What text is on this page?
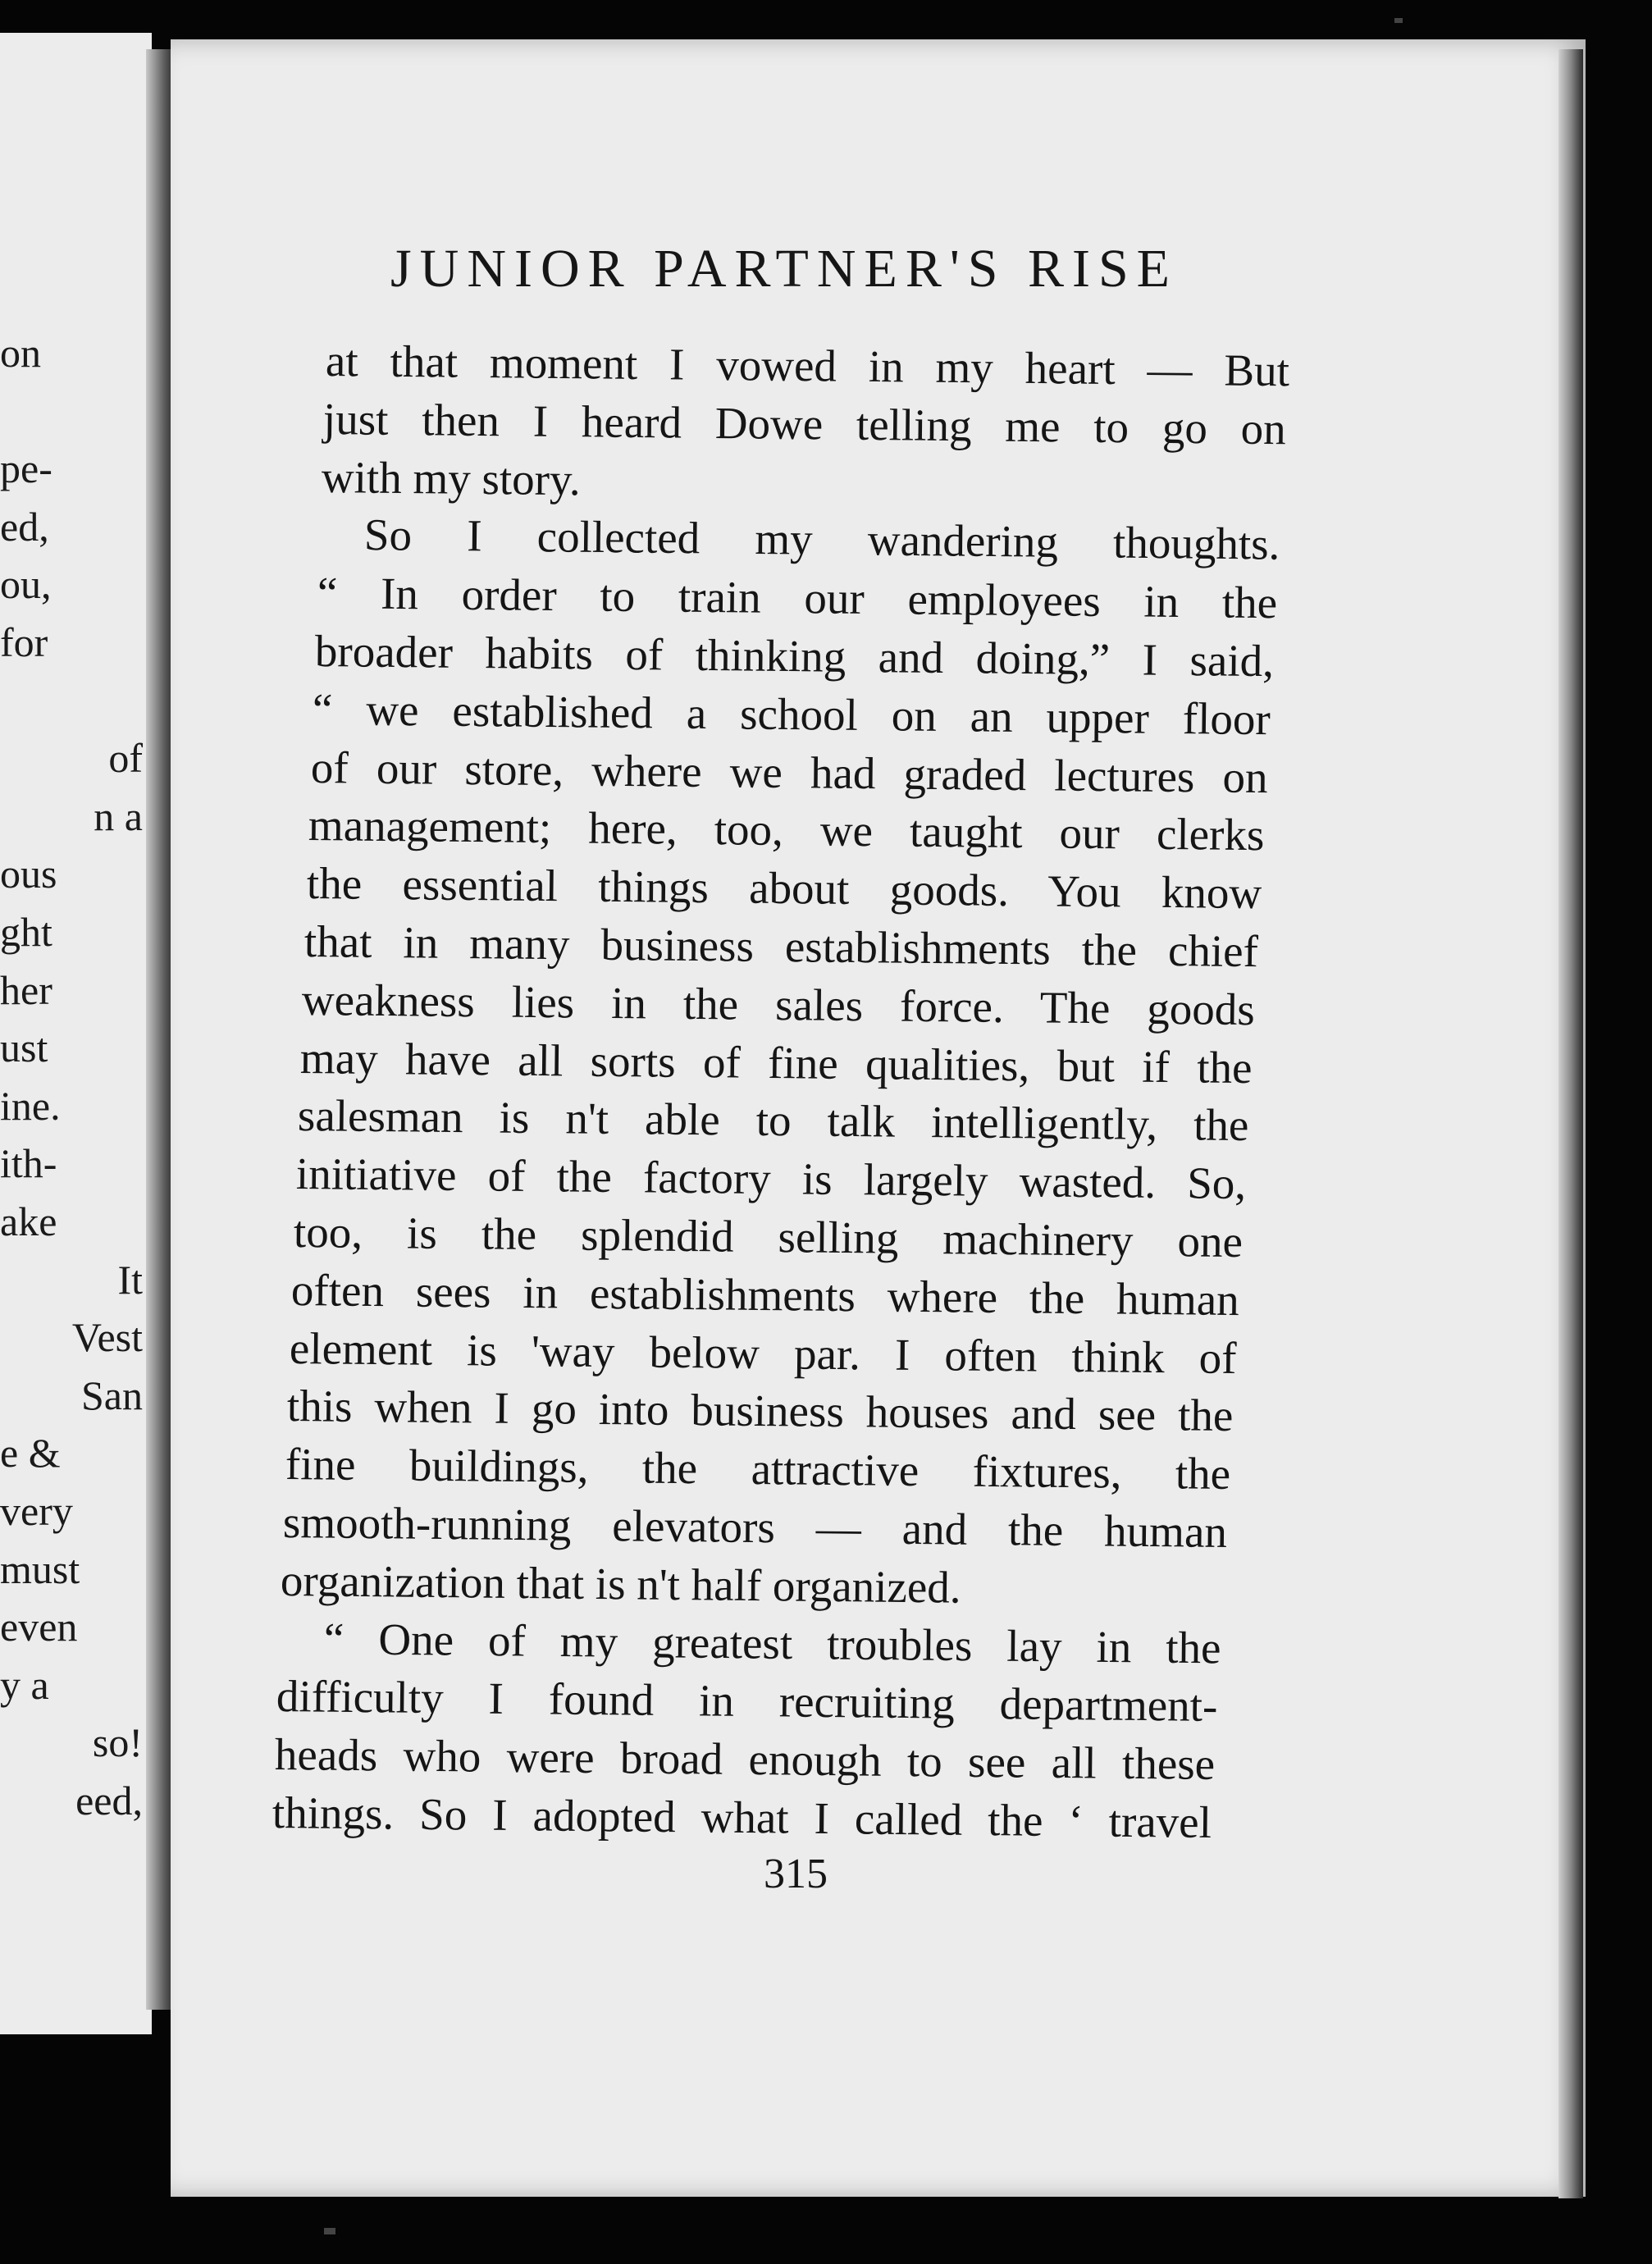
on
pe-
ed,
ou,
for
of
n a
ous
ght
her
ust
ine.
ith-
ake
It
Vest
San
e &
very
must
even
y a
so!
eed,
JUNIOR PARTNER'S RISE
at that moment I vowed in my heart — But
just then I heard Dowe telling me to go on
with my story.
So I collected my wandering thoughts.
“ In order to train our employees in the
broader habits of thinking and doing,” I said,
“ we established a school on an upper floor
of our store, where we had graded lectures on
management; here, too, we taught our clerks
the essential things about goods. You know
that in many business establishments the chief
weakness lies in the sales force. The goods
may have all sorts of fine qualities, but if the
salesman is n't able to talk intelligently, the
initiative of the factory is largely wasted. So,
too, is the splendid selling machinery one
often sees in establishments where the human
element is 'way below par. I often think of
this when I go into business houses and see the
fine buildings, the attractive fixtures, the
smooth-running elevators — and the human
organization that is n't half organized.
“ One of my greatest troubles lay in the
difficulty I found in recruiting department-
heads who were broad enough to see all these
things. So I adopted what I called the ‘ travel
315
